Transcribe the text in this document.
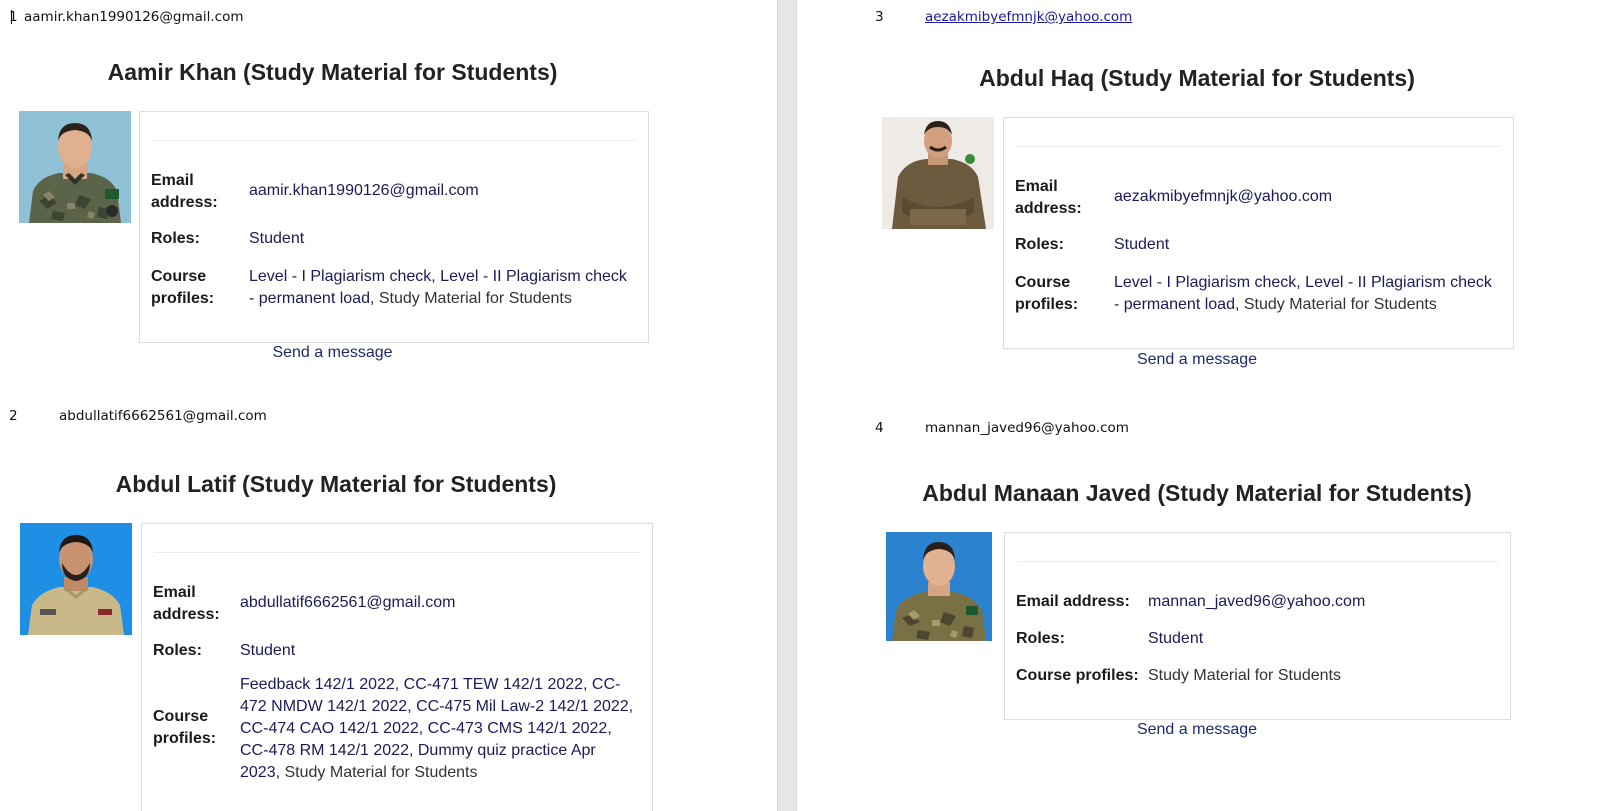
1 aamir.khan1990126@gmail.com
Aamir Khan (Study Material for Students)
Email address:
aamir.khan1990126@gmail.com
Roles:	Student
Course profiles:
Level - I Plagiarism check, Level - II Plagiarism check - permanent load, Study Material for Students
Send a message
2	abdullatif6662561@gmail.com
Abdul Latif (Study Material for Students)
Email address:
abdullatif6662561@gmail.com
Roles: Student
Course profiles:
Feedback 142/1 2022, CC-471 TEW 142/1 2022, CC-472 NMDW 142/1 2022, CC-475 Mil Law-2 142/1 2022, CC-474 CAO 142/1 2022, CC-473 CMS 142/1 2022, CC-478 RM 142/1 2022, Dummy quiz practice Apr 2023, Study Material for Students
3	aezakmibyefmnjk@yahoo.com
Abdul Haq (Study Material for Students)
Email address:
aezakmibyefmnjk@yahoo.com
Roles:	Student
Course profiles:
Level - I Plagiarism check, Level - II Plagiarism check - permanent load, Study Material for Students
Send a message
4	mannan_javed96@yahoo.com
Abdul Manaan Javed (Study Material for Students)
Email address: mannan_javed96@yahoo.com
Roles:	Student
Course profiles: Study Material for Students
Send a message
